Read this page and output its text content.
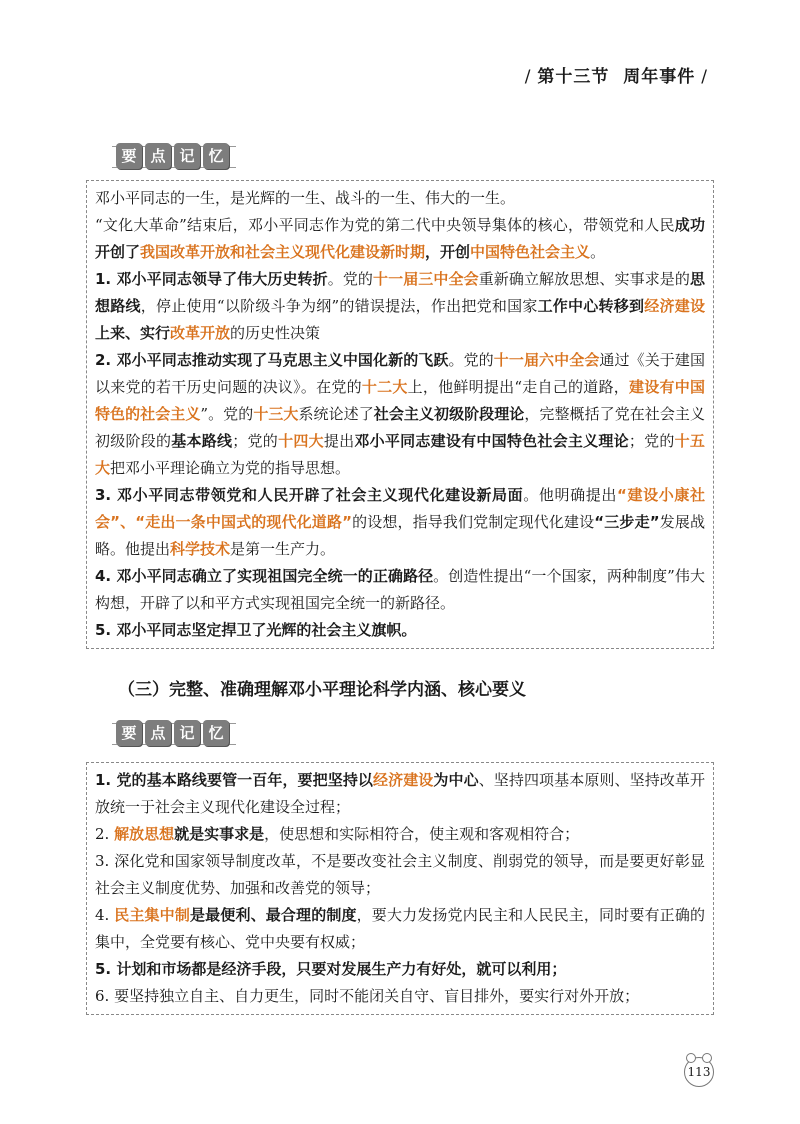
/ 第十三节 周年事件 /
要 点 记 忆

邓小平同志的一生，是光辉的一生、战斗的一生、伟大的一生。

“文化大革命”结束后，邓小平同志作为党的第二代中央领导集体的核心，带领党和人民成功开创了我国改革开放和社会主义现代化建设新时期，开创中国特色社会主义。

1. 邓小平同志领导了伟大历史转折。党的十一届三中全会重新确立解放思想、实事求是的思想路线，停止使用“以阶级斗争为纲”的错误提法，作出把党和国家工作中心转移到经济建设上来、实行改革开放的历史性决策

2. 邓小平同志推动实现了马克思主义中国化新的飞跃。党的十一届六中全会通过《关于建国以来党的若干历史问题的决议》。在党的十二大上，他鲜明提出“走自己的道路，建设有中国特色的社会主义”。党的十三大系统论述了社会主义初级阶段理论，完整概括了党在社会主义初级阶段的基本路线；党的十四大提出邓小平同志建设有中国特色社会主义理论；党的十五大把邓小平理论确立为党的指导思想。

3. 邓小平同志带领党和人民开辟了社会主义现代化建设新局面。他明确提出“建设小康社会”、“走出一条中国式的现代化道路”的设想，指导我们党制定现代化建设“三步走”发展战略。他提出科学技术是第一生产力。

4. 邓小平同志确立了实现祖国完全统一的正确路径。创造性提出“一个国家，两种制度”伟大构想，开辟了以和平方式实现祖国完全统一的新路径。

5. 邓小平同志坚定捍卫了光辉的社会主义旗帜。

（三）完整、准确理解邓小平理论科学内涵、核心要义
要 点 记 忆

1. 党的基本路线要管一百年，要把坚持以经济建设为中心、坚持四项基本原则、坚持改革开放统一于社会主义现代化建设全过程；

2. 解放思想就是实事求是，使思想和实际相符合，使主观和客观相符合；

3. 深化党和国家领导制度改革，不是要改变社会主义制度、削弱党的领导，而是要更好彰显社会主义制度优势、加强和改善党的领导；

4. 民主集中制是最便利、最合理的制度，要大力发扬党内民主和人民民主，同时要有正确的集中，全党要有核心、党中央要有权威；

5. 计划和市场都是经济手段，只要对发展生产力有好处，就可以利用；

6. 要坚持独立自主、自力更生，同时不能闭关自守、盲目排外，要实行对外开放；

113
